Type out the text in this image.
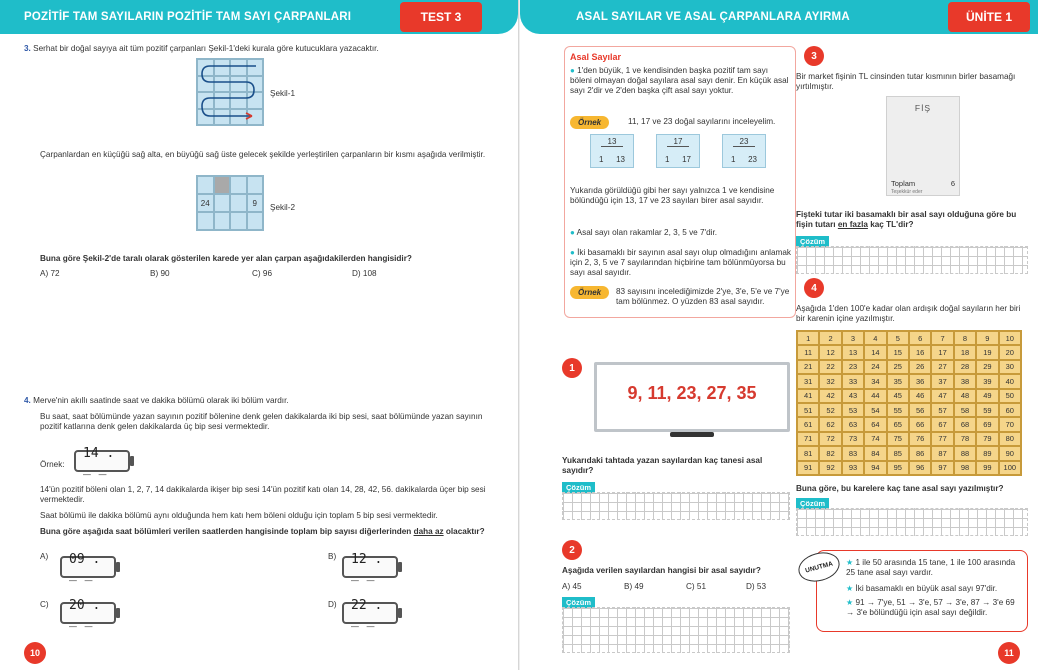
POZİTİF TAM SAYILARIN POZİTİF TAM SAYI ÇARPANLARI	TEST 3
3. Serhat bir doğal sayıya ait tüm pozitif çarpanları Şekil-1'deki kurala göre kutucuklara yazacaktır.
Şekil-1
Çarpanlardan en küçüğü sağ alta, en büyüğü sağ üste gelecek şekilde yerleştirilen çarpanların bir kısmı aşağıda verilmiştir.
24	9	Şekil-2
Buna göre Şekil-2'de taralı olarak gösterilen karede yer alan çarpan aşağıdakilerden hangisidir?
A) 72	B) 90	C) 96	D) 108
4. Merve'nin akıllı saatinde saat ve dakika bölümü olarak iki bölüm vardır.
Bu saat, saat bölümünde yazan sayının pozitif bölenine denk gelen dakikalarda iki bip sesi, saat bölümünde yazan sayının pozitif katlarına denk gelen dakikalarda üç bip sesi vermektedir.
Örnek:
14 . _ _
14'ün pozitif böleni olan 1, 2, 7, 14 dakikalarda ikişer bip sesi 14'ün pozitif katı olan 14, 28, 42, 56. dakikalarda üçer bip sesi vermektedir.
Saat bölümü ile dakika bölümü aynı olduğunda hem katı hem böleni olduğu için toplam 5 bip sesi vermektedir.
Buna göre aşağıda saat bölümleri verilen saatlerden hangisinde toplam bip sayısı diğerlerinden daha az olacaktır?
A)	09 . _ _
B)	12 . _ _
C)	20 . _ _
D)	22 . _ _
10
ASAL SAYILAR VE ASAL ÇARPANLARA AYIRMA	ÜNİTE 1
Asal Sayılar
● 1'den büyük, 1 ve kendisinden başka pozitif tam sayı böleni olmayan doğal sayılara asal sayı denir. En küçük asal sayı 2'dir ve 2'den başka çift asal sayı yoktur.
Örnek	11, 17 ve 23 doğal sayılarını inceleyelim.
13
1 13
17
1 17
23
1 23
Yukarıda görüldüğü gibi her sayı yalnızca 1 ve kendisine bölündüğü için 13, 17 ve 23 sayıları birer asal sayıdır.
● Asal sayı olan rakamlar 2, 3, 5 ve 7'dir.
● İki basamaklı bir sayının asal sayı olup olmadığını anlamak için 2, 3, 5 ve 7 sayılarından hiçbirine tam bölünmüyorsa bu sayı asal sayıdır.
Örnek	83 sayısını incelediğimizde 2'ye, 3'e, 5'e ve 7'ye tam bölünmez. O yüzden 83 asal sayıdır.
1
9, 11, 23, 27, 35
Yukarıdaki tahtada yazan sayılardan kaç tanesi asal sayıdır?
Çözüm
2
Aşağıda verilen sayılardan hangisi bir asal sayıdır?
A) 45	B) 49	C) 51	D) 53
Çözüm
3
Bir market fişinin TL cinsinden tutar kısmının birler basamağı yırtılmıştır.
FİŞ
Toplam	6
Teşekkür eder
Fişteki tutar iki basamaklı bir asal sayı olduğuna göre bu fişin tutarı en fazla kaç TL'dir?
Çözüm
4
Aşağıda 1'den 100'e kadar olan ardışık doğal sayıların her biri bir karenin içine yazılmıştır.
1	2	3	4	5	6	7	8	9	10
11	12	13	14	15	16	17	18	19	20
21	22	23	24	25	26	27	28	29	30
31	32	33	34	35	36	37	38	39	40
41	42	43	44	45	46	47	48	49	50
51	52	53	54	55	56	57	58	59	60
61	62	63	64	65	66	67	68	69	70
71	72	73	74	75	76	77	78	79	80
81	82	83	84	85	86	87	88	89	90
91	92	93	94	95	96	97	98	99	100
Buna göre, bu karelere kaç tane asal sayı yazılmıştır?
Çözüm
UNUTMA	★ 1 ile 50 arasında 15 tane, 1 ile 100 arasında 25 tane asal sayı vardır.
★ İki basamaklı en büyük asal sayı 97'dir.
★ 91 → 7'ye, 51 → 3'e, 57 → 3'e, 87 → 3'e 69 → 3'e bölündüğü için asal sayı değildir.
11
